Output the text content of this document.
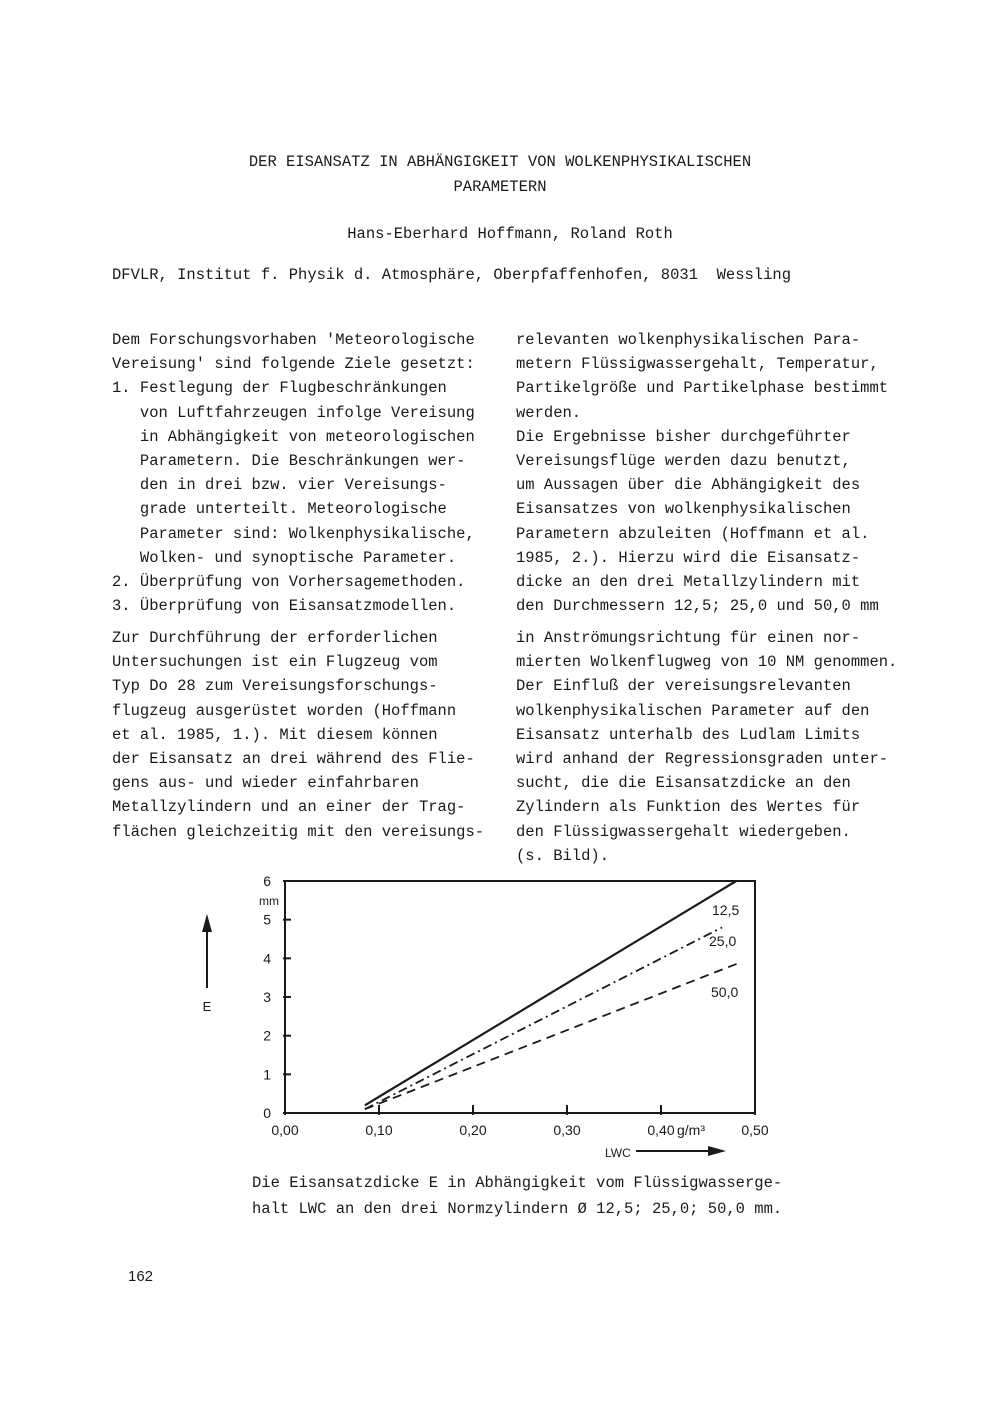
DER EISANSATZ IN ABHÄNGIGKEIT VON WOLKENPHYSIKALISCHEN
PARAMETERN
Hans-Eberhard Hoffmann, Roland Roth
DFVLR, Institut f. Physik d. Atmosphäre, Oberpfaffenhofen, 8031  Wessling
Dem Forschungsvorhaben 'Meteorologische
Vereisung' sind folgende Ziele gesetzt:
1. Festlegung der Flugbeschränkungen
von Luftfahrzeugen infolge Vereisung
in Abhängigkeit von meteorologischen
Parametern. Die Beschränkungen wer-
den in drei bzw. vier Vereisungs-
grade unterteilt. Meteorologische
Parameter sind: Wolkenphysikalische,
Wolken- und synoptische Parameter.
2. Überprüfung von Vorhersagemethoden.
3. Überprüfung von Eisansatzmodellen.
Zur Durchführung der erforderlichen
Untersuchungen ist ein Flugzeug vom
Typ Do 28 zum Vereisungsforschungs-
flugzeug ausgerüstet worden (Hoffmann
et al. 1985, 1.). Mit diesem können
der Eisansatz an drei während des Flie-
gens aus- und wieder einfahrbaren
Metallzylindern und an einer der Trag-
flächen gleichzeitig mit den vereisungs-
relevanten wolkenphysikalischen Para-
metern Flüssigwassergehalt, Temperatur,
Partikelgröße und Partikelphase bestimmt
werden.
Die Ergebnisse bisher durchgeführter
Vereisungsflüge werden dazu benutzt,
um Aussagen über die Abhängigkeit des
Eisansatzes von wolkenphysikalischen
Parametern abzuleiten (Hoffmann et al.
1985, 2.). Hierzu wird die Eisansatz-
dicke an den drei Metallzylindern mit
den Durchmessern 12,5; 25,0 und 50,0 mm
in Anströmungsrichtung für einen nor-
mierten Wolkenflugweg von 10 NM genommen.
Der Einfluß der vereisungsrelevanten
wolkenphysikalischen Parameter auf den
Eisansatz unterhalb des Ludlam Limits
wird anhand der Regressionsgraden unter-
sucht, die die Eisansatzdicke an den
Zylindern als Funktion des Wertes für
den Flüssigwassergehalt wiedergeben.
(s. Bild).
0
1
2
3
4
5
6
0,00	0,10	0,20	0,30	0,40	0,50
12,5
25,0
50,0
mm
E
g/m³
LWC
Die Eisansatzdicke E in Abhängigkeit vom Flüssigwasserge-
halt LWC an den drei Normzylindern Ø 12,5; 25,0; 50,0 mm.
162
